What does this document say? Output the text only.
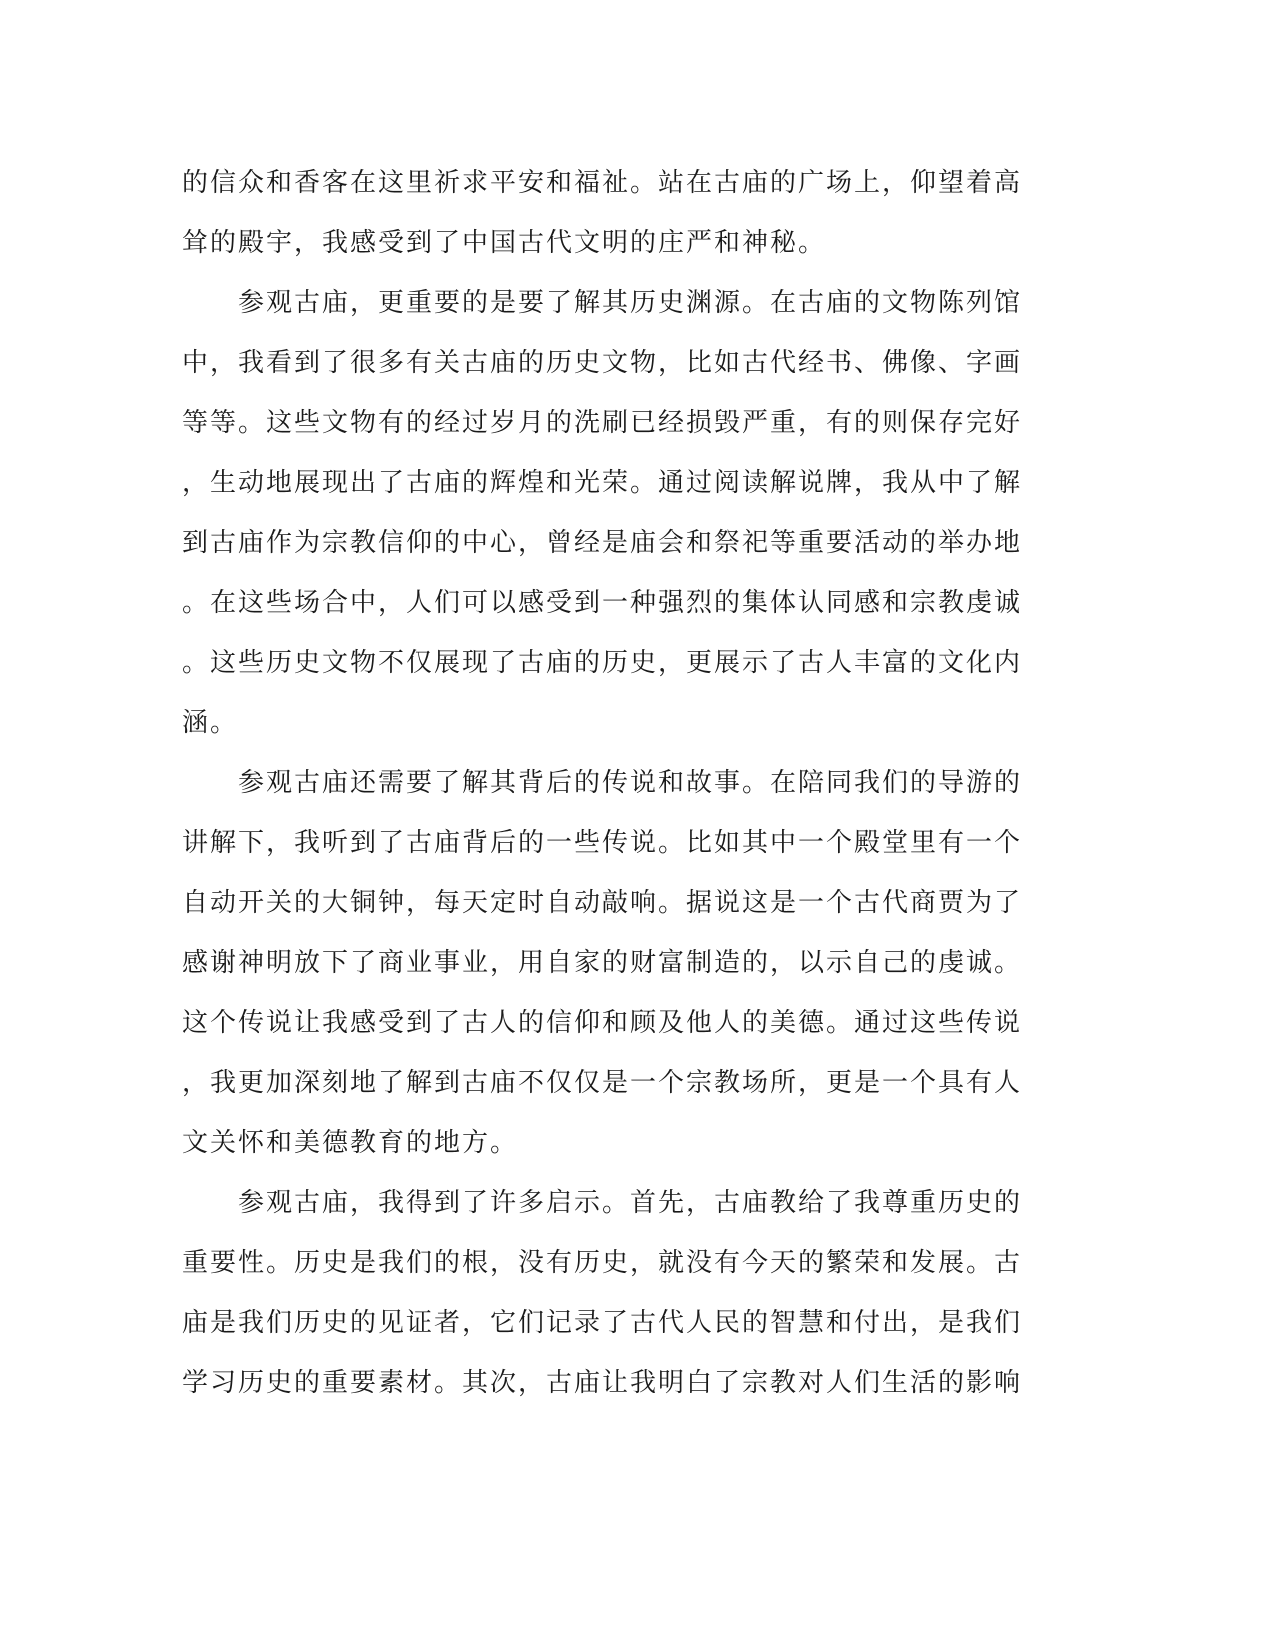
的信众和香客在这里祈求平安和福祉。站在古庙的广场上，仰望着高
耸的殿宇，我感受到了中国古代文明的庄严和神秘。
　　参观古庙，更重要的是要了解其历史渊源。在古庙的文物陈列馆
中，我看到了很多有关古庙的历史文物，比如古代经书、佛像、字画
等等。这些文物有的经过岁月的洗刷已经损毁严重，有的则保存完好
，生动地展现出了古庙的辉煌和光荣。通过阅读解说牌，我从中了解
到古庙作为宗教信仰的中心，曾经是庙会和祭祀等重要活动的举办地
。在这些场合中，人们可以感受到一种强烈的集体认同感和宗教虔诚
。这些历史文物不仅展现了古庙的历史，更展示了古人丰富的文化内
涵。
　　参观古庙还需要了解其背后的传说和故事。在陪同我们的导游的
讲解下，我听到了古庙背后的一些传说。比如其中一个殿堂里有一个
自动开关的大铜钟，每天定时自动敲响。据说这是一个古代商贾为了
感谢神明放下了商业事业，用自家的财富制造的，以示自己的虔诚。
这个传说让我感受到了古人的信仰和顾及他人的美德。通过这些传说
，我更加深刻地了解到古庙不仅仅是一个宗教场所，更是一个具有人
文关怀和美德教育的地方。
　　参观古庙，我得到了许多启示。首先，古庙教给了我尊重历史的
重要性。历史是我们的根，没有历史，就没有今天的繁荣和发展。古
庙是我们历史的见证者，它们记录了古代人民的智慧和付出，是我们
学习历史的重要素材。其次，古庙让我明白了宗教对人们生活的影响
